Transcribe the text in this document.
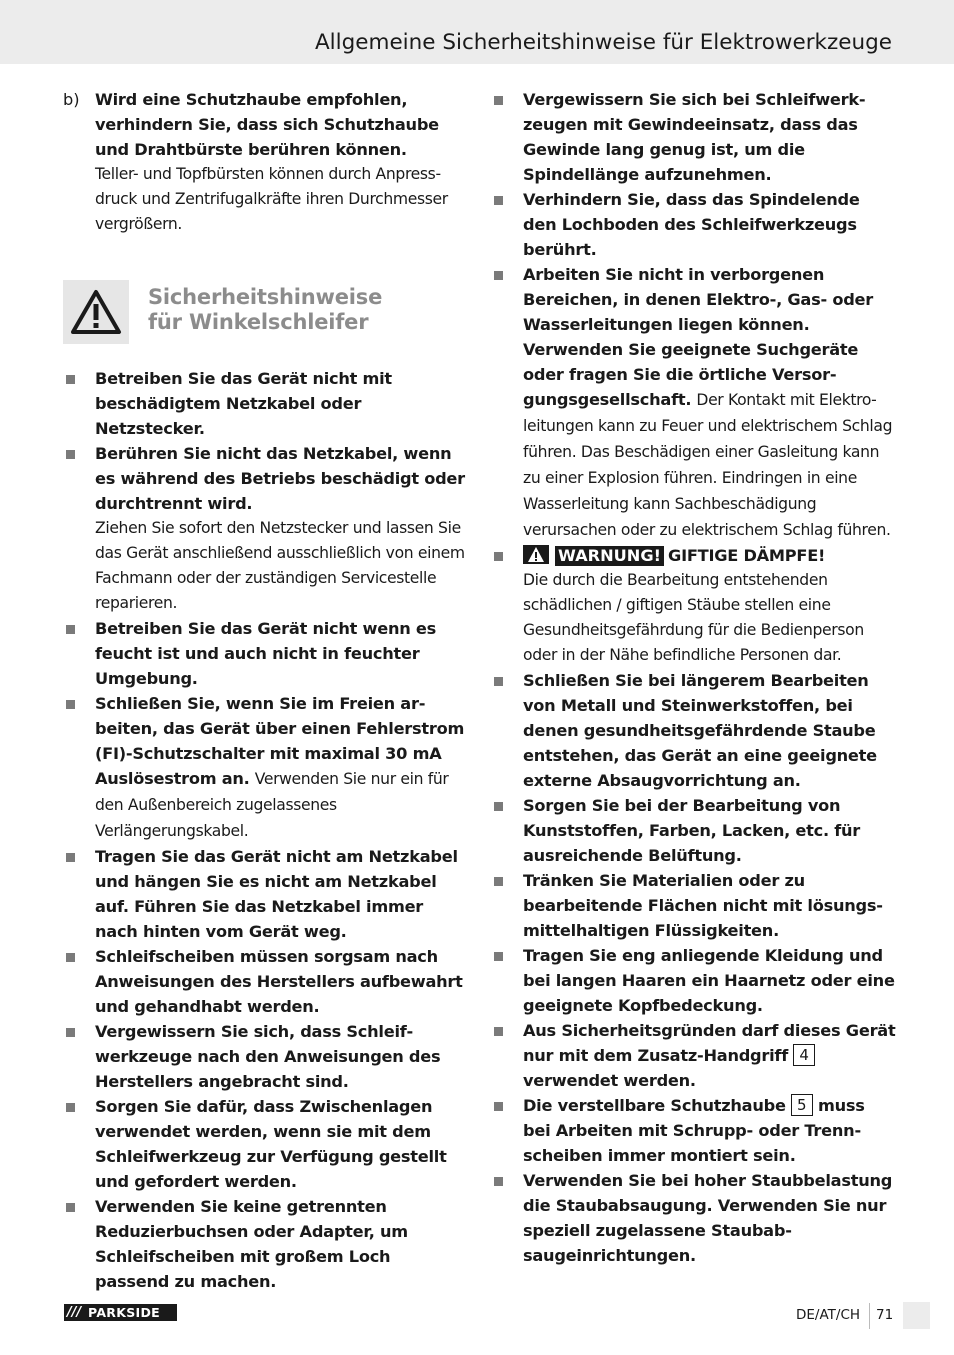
Allgemeine Sicherheitshinweise für Elektrowerkzeuge
b) Wird eine Schutzhaube empfohlen, verhindern Sie, dass sich Schutzhaube und Drahtbürste berühren können.
Teller- und Topfbürsten können durch Anpressdruck und Zentrifugalkräfte ihren Durchmesser vergrößern.
Sicherheitshinweise
für Winkelschleifer
Betreiben Sie das Gerät nicht mit beschädigtem Netzkabel oder Netzstecker.
Berühren Sie nicht das Netzkabel, wenn es während des Betriebs beschädigt oder durchtrennt wird.
Ziehen Sie sofort den Netzstecker und lassen Sie das Gerät anschließend ausschließlich von einem Fachmann oder der zuständigen Servicestelle reparieren.
Betreiben Sie das Gerät nicht wenn es feucht ist und auch nicht in feuchter Umgebung.
Schließen Sie, wenn Sie im Freien arbeiten, das Gerät über einen Fehlerstrom (FI)-Schutzschalter mit maximal 30 mA Auslösestrom an. Verwenden Sie nur ein für den Außenbereich zugelassenes Verlängerungskabel.
Tragen Sie das Gerät nicht am Netzkabel und hängen Sie es nicht am Netzkabel auf. Führen Sie das Netzkabel immer nach hinten vom Gerät weg.
Schleifscheiben müssen sorgsam nach Anweisungen des Herstellers aufbewahrt und gehandhabt werden.
Vergewissern Sie sich, dass Schleifwerkzeuge nach den Anweisungen des Herstellers angebracht sind.
Sorgen Sie dafür, dass Zwischenlagen verwendet werden, wenn sie mit dem Schleifwerkzeug zur Verfügung gestellt und gefordert werden.
Verwenden Sie keine getrennten Reduzierbuchsen oder Adapter, um Schleifscheiben mit großem Loch passend zu machen.
Vergewissern Sie sich bei Schleifwerkzeugen mit Gewindeeinsatz, dass das Gewinde lang genug ist, um die Spindellänge aufzunehmen.
Verhindern Sie, dass das Spindelende den Lochboden des Schleifwerkzeugs berührt.
Arbeiten Sie nicht in verborgenen Bereichen, in denen Elektro-, Gas- oder Wasserleitungen liegen können. Verwenden Sie geeignete Suchgeräte oder fragen Sie die örtliche Versorgungsgesellschaft. Der Kontakt mit Elektroleitungen kann zu Feuer und elektrischem Schlag führen. Das Beschädigen einer Gasleitung kann zu einer Explosion führen. Eindringen in eine Wasserleitung kann Sachbeschädigung verursachen oder zu elektrischem Schlag führen.
WARNUNG! GIFTIGE DÄMPFE!
Die durch die Bearbeitung entstehenden schädlichen / giftigen Stäube stellen eine Gesundheitsgefährdung für die Bedienperson oder in der Nähe befindliche Personen dar.
Schließen Sie bei längerem Bearbeiten von Metall und Steinwerkstoffen, bei denen gesundheitsgefährdende Staube entstehen, das Gerät an eine geeignete externe Absaugvorrichtung an.
Sorgen Sie bei der Bearbeitung von Kunststoffen, Farben, Lacken, etc. für ausreichende Belüftung.
Tränken Sie Materialien oder zu bearbeitende Flächen nicht mit lösungsmittelhaltigen Flüssigkeiten.
Tragen Sie eng anliegende Kleidung und bei langen Haaren ein Haarnetz oder eine geeignete Kopfbedeckung.
Aus Sicherheitsgründen darf dieses Gerät nur mit dem Zusatz-Handgriff 4 verwendet werden.
Die verstellbare Schutzhaube 5 muss bei Arbeiten mit Schrupp- oder Trennscheiben immer montiert sein.
Verwenden Sie bei hoher Staubbelastung die Staubabsaugung. Verwenden Sie nur speziell zugelassene Staubabsaugeinrichtungen.
/// PARKSIDE	DE/AT/CH 71
